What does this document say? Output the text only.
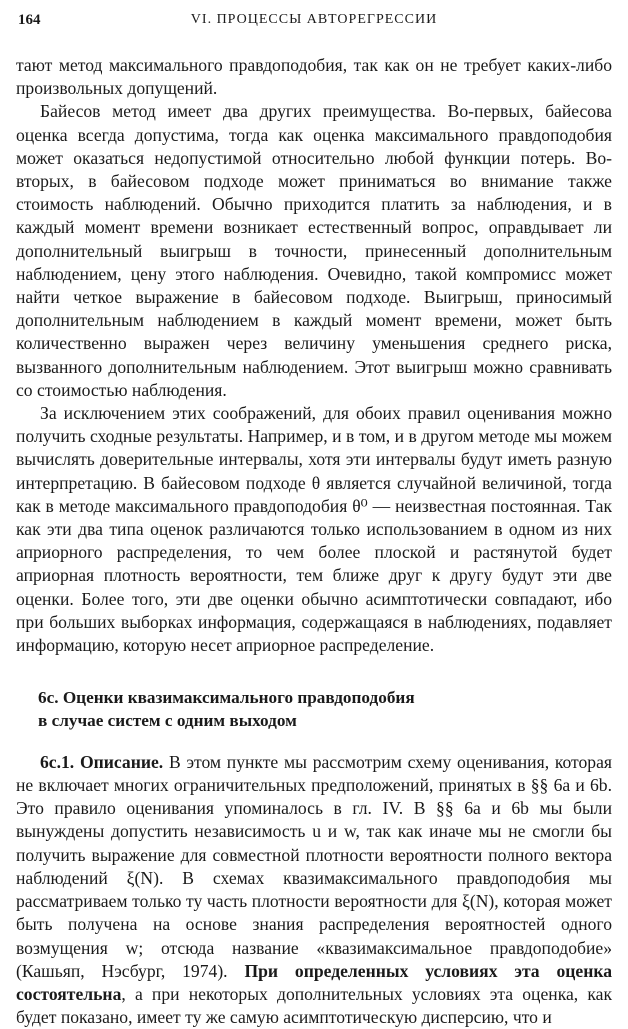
164	VI. ПРОЦЕССЫ АВТОРЕГРЕССИИ

тают метод максимального правдоподобия, так как он не требует каких-либо произвольных допущений.

Байесов метод имеет два других преимущества. Во-первых, байесова оценка всегда допустима, тогда как оценка максимального правдоподобия может оказаться недопустимой относительно любой функции потерь. Во-вторых, в байесовом подходе может приниматься во внимание также стоимость наблюдений. Обычно приходится платить за наблюдения, и в каждый момент времени возникает естественный вопрос, оправдывает ли дополнительный выигрыш в точности, принесенный дополнительным наблюдением, цену этого наблюдения. Очевидно, такой компромисс может найти четкое выражение в байесовом подходе. Выигрыш, приносимый дополнительным наблюдением в каждый момент времени, может быть количественно выражен через величину уменьшения среднего риска, вызванного дополнительным наблюдением. Этот выигрыш можно сравнивать со стоимостью наблюдения.

За исключением этих соображений, для обоих правил оценивания можно получить сходные результаты. Например, и в том, и в другом методе мы можем вычислять доверительные интервалы, хотя эти интервалы будут иметь разную интерпретацию. В байесовом подходе θ является случайной величиной, тогда как в методе максимального правдоподобия θ⁰ — неизвестная постоянная. Так как эти два типа оценок различаются только использованием в одном из них априорного распределения, то чем более плоской и растянутой будет априорная плотность вероятности, тем ближе друг к другу будут эти две оценки. Более того, эти две оценки обычно асимптотически совпадают, ибо при больших выборках информация, содержащаяся в наблюдениях, подавляет информацию, которую несет априорное распределение.

6c. Оценки квазимаксимального правдоподобия
в случае систем с одним выходом

6c.1. Описание. В этом пункте мы рассмотрим схему оценивания, которая не включает многих ограничительных предположений, принятых в §§ 6a и 6b. Это правило оценивания упоминалось в гл. IV. В §§ 6a и 6b мы были вынуждены допустить независимость u и w, так как иначе мы не смогли бы получить выражение для совместной плотности вероятности полного вектора наблюдений ξ(N). В схемах квазимаксимального правдоподобия мы рассматриваем только ту часть плотности вероятности для ξ(N), которая может быть получена на основе знания распределения вероятностей одного возмущения w; отсюда название «квазимаксимальное правдоподобие» (Кашьяп, Нэсбург, 1974). При определенных условиях эта оценка состоятельна, а при некоторых дополнительных условиях эта оценка, как будет показано, имеет ту же самую асимптотическую дисперсию, что и
